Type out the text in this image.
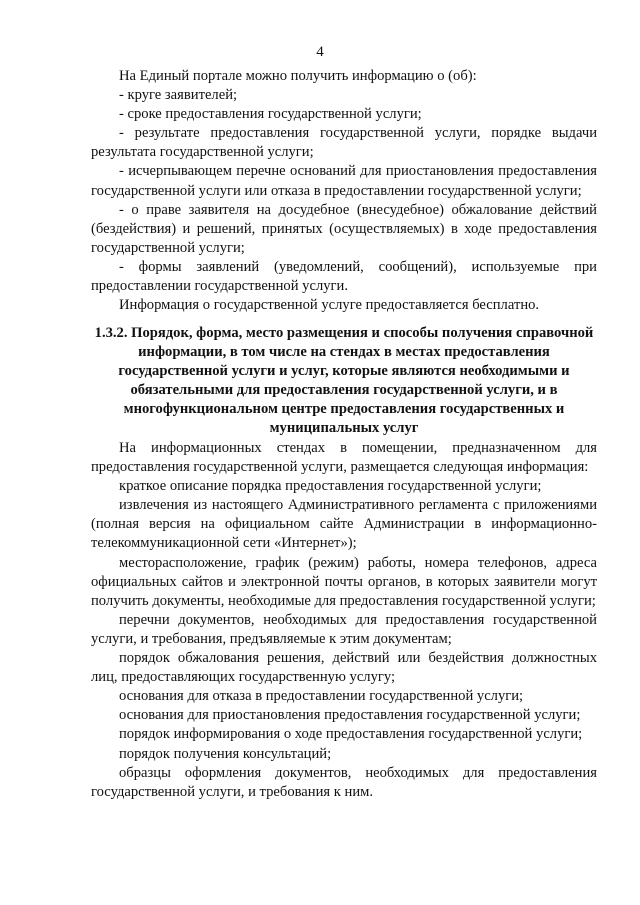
4

На Единый портале можно получить информацию о (об):

- круге заявителей;

- сроке предоставления государственной услуги;

- результате предоставления государственной услуги, порядке выдачи результата государственной услуги;

- исчерпывающем перечне оснований для приостановления предоставления государственной услуги или отказа в предоставлении государственной услуги;

- о праве заявителя на досудебное (внесудебное) обжалование действий (бездействия) и решений, принятых (осуществляемых) в ходе предоставления государственной услуги;

- формы заявлений (уведомлений, сообщений), используемые при предоставлении государственной услуги.

Информация о государственной услуге предоставляется бесплатно.

1.3.2. Порядок, форма, место размещения и способы получения справочной информации, в том числе на стендах в местах предоставления государственной услуги и услуг, которые являются необходимыми и обязательными для предоставления государственной услуги, и в многофункциональном центре предоставления государственных и муниципальных услуг

На информационных стендах в помещении, предназначенном для предоставления государственной услуги, размещается следующая информация:

краткое описание порядка предоставления государственной услуги;

извлечения из настоящего Административного регламента с приложениями (полная версия на официальном сайте Администрации в информационно-телекоммуникационной сети «Интернет»);

месторасположение, график (режим) работы, номера телефонов, адреса официальных сайтов и электронной почты органов, в которых заявители могут получить документы, необходимые для предоставления государственной услуги;

перечни документов, необходимых для предоставления государственной услуги, и требования, предъявляемые к этим документам;

порядок обжалования решения, действий или бездействия должностных лиц, предоставляющих государственную услугу;

основания для отказа в предоставлении государственной услуги;

основания для приостановления предоставления государственной услуги;

порядок информирования о ходе предоставления государственной услуги;

порядок получения консультаций;

образцы оформления документов, необходимых для предоставления государственной услуги, и требования к ним.
